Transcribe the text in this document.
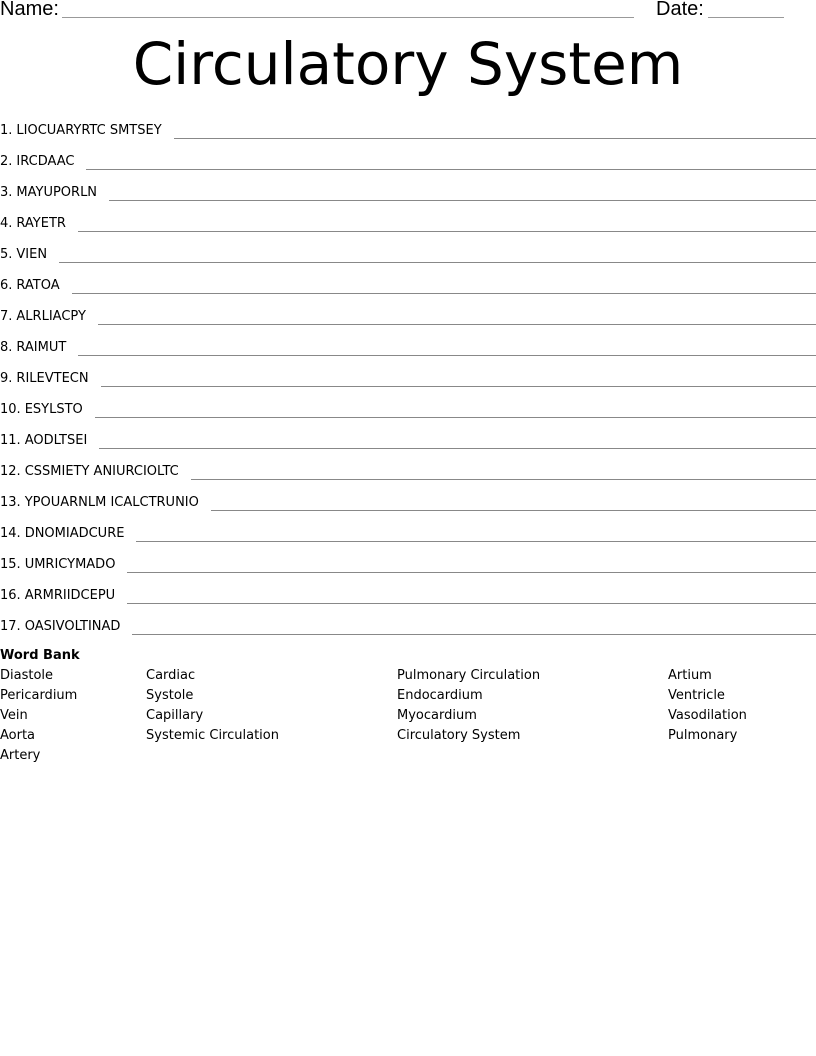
Name:	Date:
Circulatory System
1. LIOCUARYRTC SMTSEY
2. IRCDAAC
3. MAYUPORLN
4. RAYETR
5. VIEN
6. RATOA
7. ALRLIACPY
8. RAIMUT
9. RILEVTECN
10. ESYLSTO
11. AODLTSEI
12. CSSMIETY ANIURCIOLTC
13. YPOUARNLM ICALCTRUNIO
14. DNOMIADCURE
15. UMRICYMADO
16. ARMRIIDCEPU
17. OASIVOLTINAD
Word Bank
Diastole
Pericardium
Vein
Aorta
Artery
Cardiac
Systole
Capillary
Systemic Circulation
Pulmonary Circulation
Endocardium
Myocardium
Circulatory System
Artium
Ventricle
Vasodilation
Pulmonary
